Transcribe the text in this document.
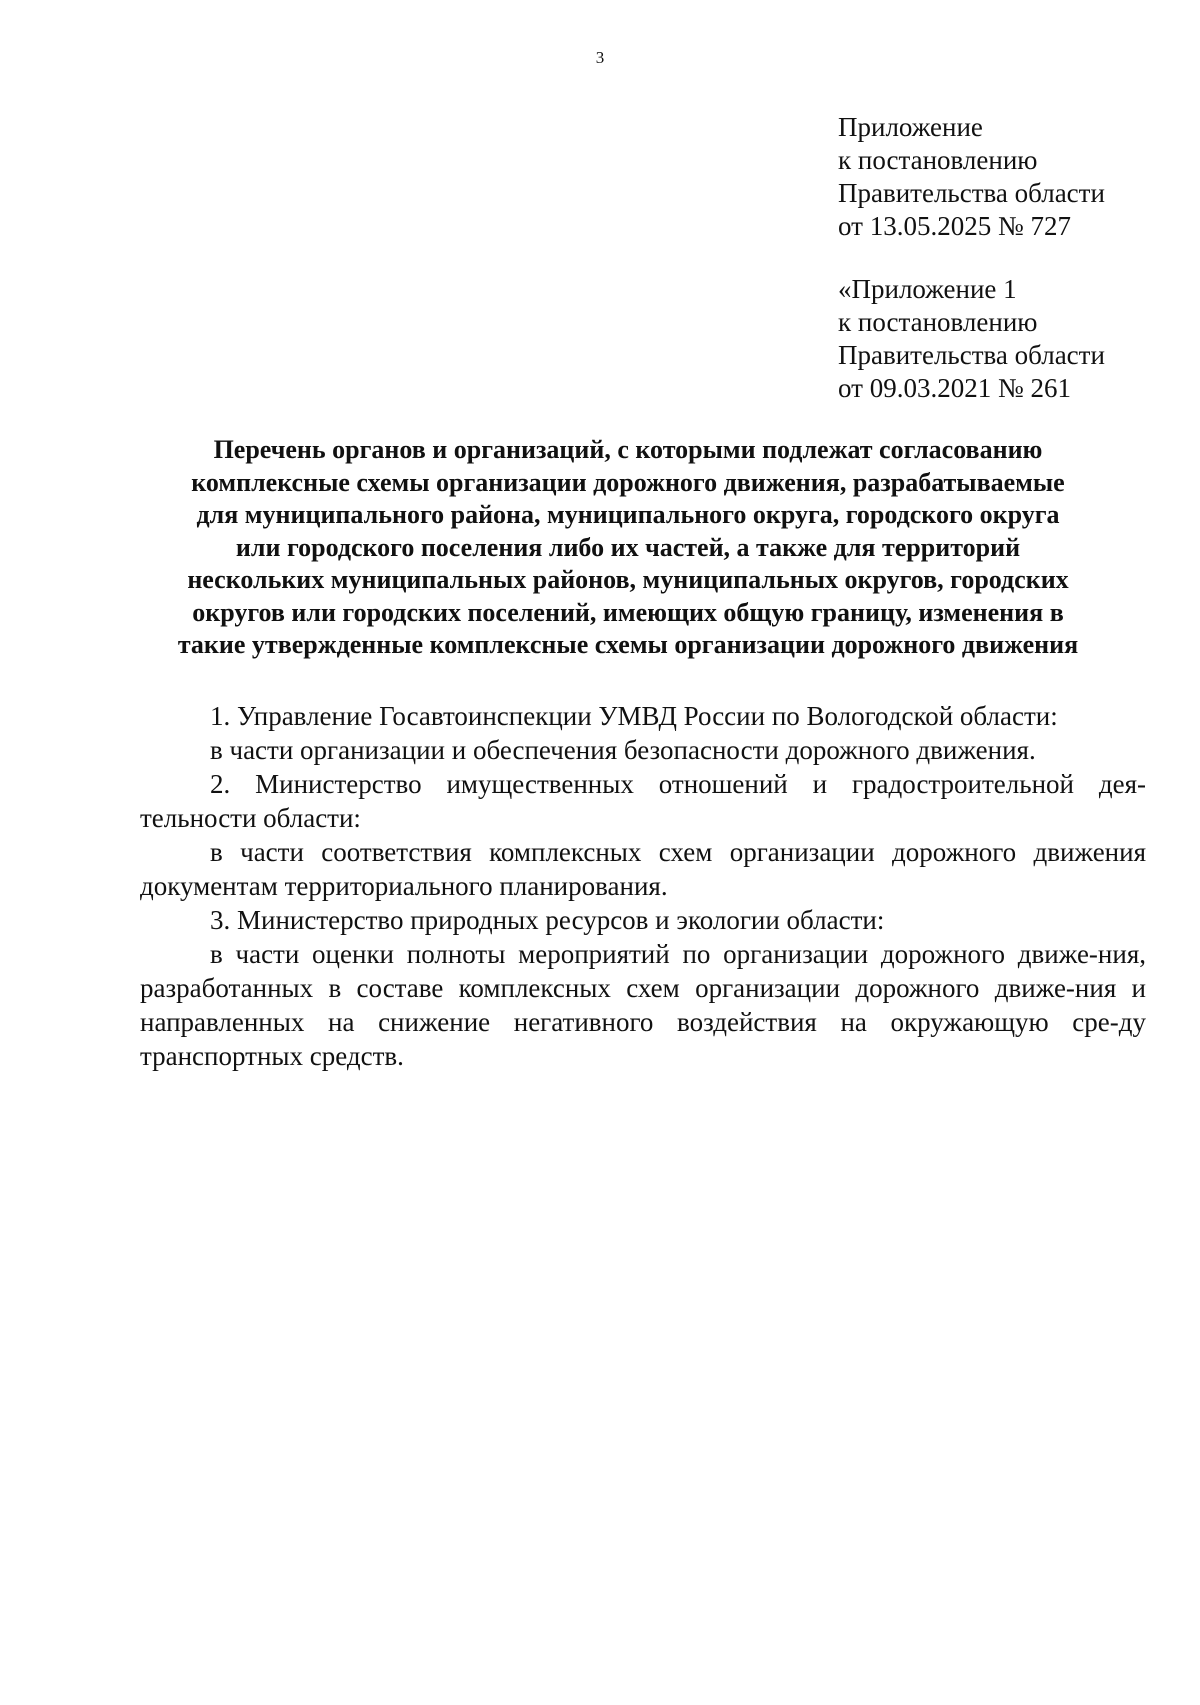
3
Приложение
к постановлению
Правительства области
от 13.05.2025 № 727
«Приложение 1
к постановлению
Правительства области
от 09.03.2021 № 261
Перечень органов и организаций, с которыми подлежат согласованию
комплексные схемы организации дорожного движения, разрабатываемые
для муниципального района, муниципального округа, городского округа
или городского поселения либо их частей, а также для территорий
нескольких муниципальных районов, муниципальных округов, городских
округов или городских поселений, имеющих общую границу, изменения в
такие утвержденные комплексные схемы организации дорожного движения

1. Управление Госавтоинспекции УМВД России по Вологодской области:

в части организации и обеспечения безопасности дорожного движения.

2. Министерство имущественных отношений и градостроительной дея-тельности области:

в части соответствия комплексных схем организации дорожного движения документам территориального планирования.

3. Министерство природных ресурсов и экологии области:

в части оценки полноты мероприятий по организации дорожного движе-ния, разработанных в составе комплексных схем организации дорожного движе-ния и направленных на снижение негативного воздействия на окружающую сре-ду транспортных средств.
